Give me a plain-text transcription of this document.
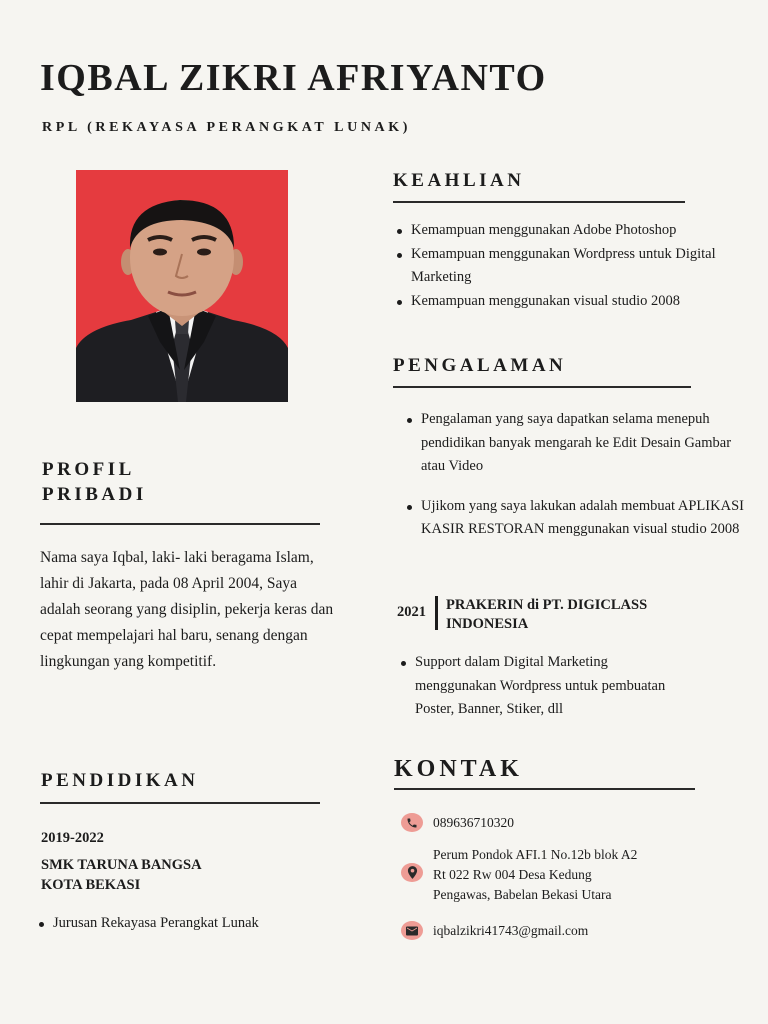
IQBAL ZIKRI AFRIYANTO
RPL (REKAYASA PERANGKAT LUNAK)
PROFIL
PRIBADI
Nama saya Iqbal, laki- laki beragama Islam, lahir di Jakarta, pada 08 April 2004, Saya adalah seorang yang disiplin, pekerja keras dan cepat mempelajari hal baru, senang dengan lingkungan yang kompetitif.
PENDIDIKAN
2019-2022
SMK TARUNA BANGSA
KOTA BEKASI
Jurusan Rekayasa Perangkat Lunak
KEAHLIAN
Kemampuan menggunakan Adobe Photoshop
Kemampuan menggunakan Wordpress untuk Digital Marketing
Kemampuan menggunakan visual studio 2008
PENGALAMAN
Pengalaman yang saya dapatkan selama menepuh pendidikan banyak mengarah ke Edit Desain Gambar atau Video
Ujikom yang saya lakukan adalah membuat APLIKASI KASIR RESTORAN menggunakan visual studio 2008
2021 PRAKERIN di PT. DIGICLASS
INDONESIA
Support dalam Digital Marketing menggunakan Wordpress untuk pembuatan Poster, Banner, Stiker, dll
KONTAK
089636710320
Perum Pondok AFI.1 No.12b blok A2
Rt 022 Rw 004 Desa Kedung
Pengawas, Babelan Bekasi Utara
iqbalzikri41743@gmail.com
